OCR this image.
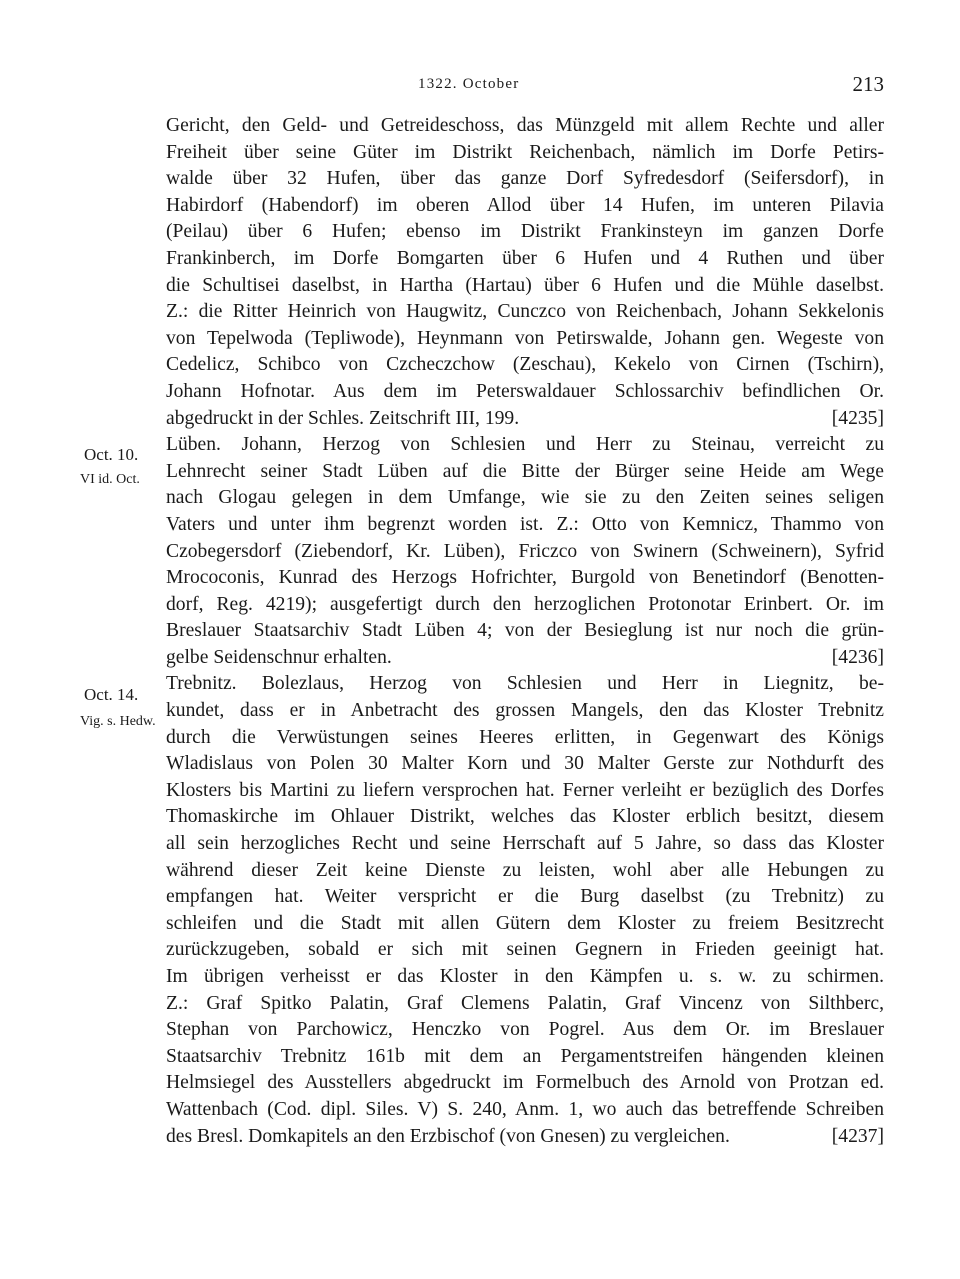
1322. October	213
Oct. 10.
VI id. Oct.
Oct. 14.
Vig. s. Hedw.
Gericht, den Geld- und Getreideschoss, das Münzgeld mit allem Rechte und aller
Freiheit über seine Güter im Distrikt Reichenbach, nämlich im Dorfe Petirs-
walde über 32 Hufen, über das ganze Dorf Syfredesdorf (Seifersdorf), in
Habirdorf (Habendorf) im oberen Allod über 14 Hufen, im unteren Pilavia
(Peilau) über 6 Hufen; ebenso im Distrikt Frankinsteyn im ganzen Dorfe
Frankinberch, im Dorfe Bomgarten über 6 Hufen und 4 Ruthen und über
die Schultisei daselbst, in Hartha (Hartau) über 6 Hufen und die Mühle daselbst.
Z.: die Ritter Heinrich von Haugwitz, Cunczco von Reichenbach, Johann Sekkelonis
von Tepelwoda (Tepliwode), Heynmann von Petirswalde, Johann gen. Wegeste von
Cedelicz, Schibco von Czcheczchow (Zeschau), Kekelo von Cirnen (Tschirn),
Johann Hofnotar. Aus dem im Peterswaldauer Schlossarchiv befindlichen Or.
abgedruckt in der Schles. Zeitschrift III, 199.	[4235]
Lüben. Johann, Herzog von Schlesien und Herr zu Steinau, verreicht zu
Lehnrecht seiner Stadt Lüben auf die Bitte der Bürger seine Heide am Wege
nach Glogau gelegen in dem Umfange, wie sie zu den Zeiten seines seligen
Vaters und unter ihm begrenzt worden ist. Z.: Otto von Kemnicz, Thammo von
Czobegersdorf (Ziebendorf, Kr. Lüben), Friczco von Swinern (Schweinern), Syfrid
Mrococonis, Kunrad des Herzogs Hofrichter, Burgold von Benetindorf (Benotten-
dorf, Reg. 4219); ausgefertigt durch den herzoglichen Protonotar Erinbert. Or. im
Breslauer Staatsarchiv Stadt Lüben 4; von der Besieglung ist nur noch die grün-
gelbe Seidenschnur erhalten.	[4236]
Trebnitz. Bolezlaus, Herzog von Schlesien und Herr in Liegnitz, be-
kundet, dass er in Anbetracht des grossen Mangels, den das Kloster Trebnitz
durch die Verwüstungen seines Heeres erlitten, in Gegenwart des Königs
Wladislaus von Polen 30 Malter Korn und 30 Malter Gerste zur Nothdurft des
Klosters bis Martini zu liefern versprochen hat. Ferner verleiht er bezüglich des Dorfes
Thomaskirche im Ohlauer Distrikt, welches das Kloster erblich besitzt, diesem
all sein herzogliches Recht und seine Herrschaft auf 5 Jahre, so dass das Kloster
während dieser Zeit keine Dienste zu leisten, wohl aber alle Hebungen zu
empfangen hat. Weiter verspricht er die Burg daselbst (zu Trebnitz) zu
schleifen und die Stadt mit allen Gütern dem Kloster zu freiem Besitzrecht
zurückzugeben, sobald er sich mit seinen Gegnern in Frieden geeinigt hat.
Im übrigen verheisst er das Kloster in den Kämpfen u. s. w. zu schirmen.
Z.: Graf Spitko Palatin, Graf Clemens Palatin, Graf Vincenz von Silthberc,
Stephan von Parchowicz, Henczko von Pogrel. Aus dem Or. im Breslauer
Staatsarchiv Trebnitz 161b mit dem an Pergamentstreifen hängenden kleinen
Helmsiegel des Ausstellers abgedruckt im Formelbuch des Arnold von Protzan ed.
Wattenbach (Cod. dipl. Siles. V) S. 240, Anm. 1, wo auch das betreffende Schreiben
des Bresl. Domkapitels an den Erzbischof (von Gnesen) zu vergleichen.	[4237]
